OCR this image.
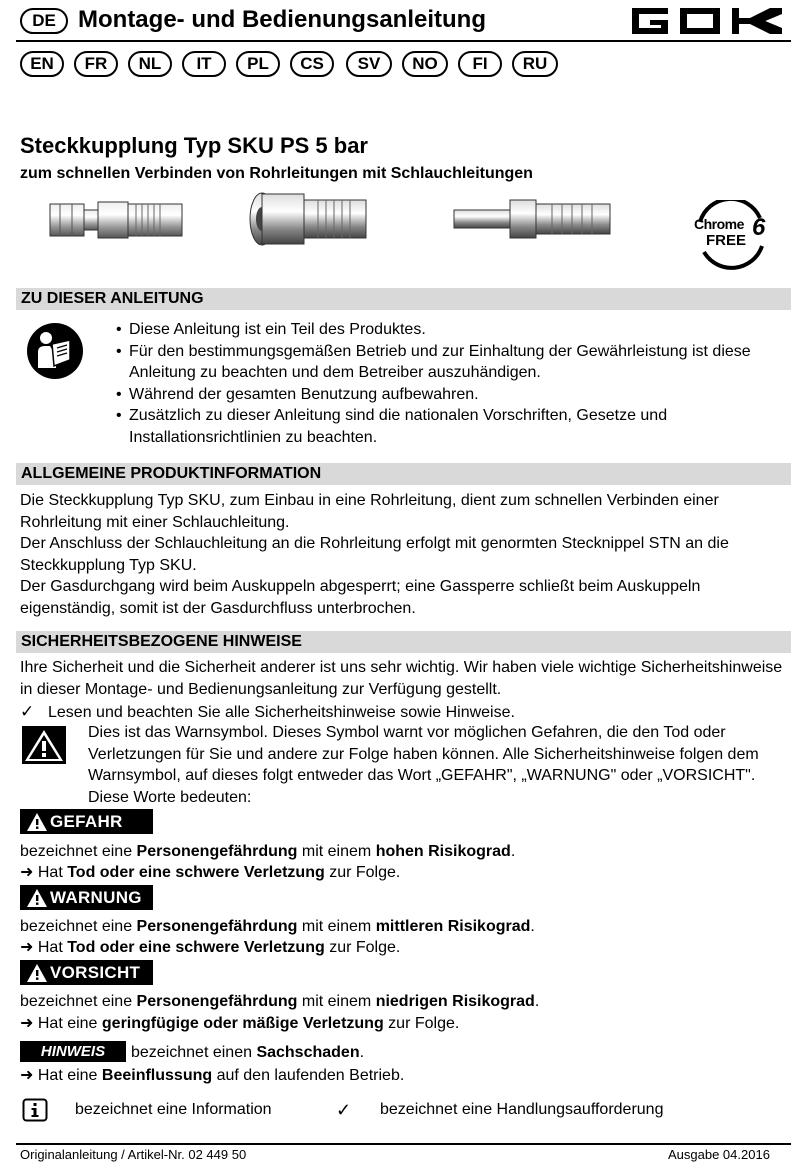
DE Montage- und Bedienungsanleitung
EN	FR	NL	IT	PL	CS	SV	NO	FI	RU
Steckkupplung Typ SKU PS 5 bar
zum schnellen Verbinden von Rohrleitungen mit Schlauchleitungen
Chrome 6
FREE
ZU DIESER ANLEITUNG
• Diese Anleitung ist ein Teil des Produktes.
• Für den bestimmungsgemäßen Betrieb und zur Einhaltung der Gewährleistung ist diese Anleitung zu beachten und dem Betreiber auszuhändigen.
• Während der gesamten Benutzung aufbewahren.
• Zusätzlich zu dieser Anleitung sind die nationalen Vorschriften, Gesetze und Installationsrichtlinien zu beachten.
ALLGEMEINE PRODUKTINFORMATION

Die Steckkupplung Typ SKU, zum Einbau in eine Rohrleitung, dient zum schnellen Verbinden einer Rohrleitung mit einer Schlauchleitung.

Der Anschluss der Schlauchleitung an die Rohrleitung erfolgt mit genormten Stecknippel STN an die Steckkupplung Typ SKU.

Der Gasdurchgang wird beim Auskuppeln abgesperrt; eine Gassperre schließt beim Auskuppeln eigenständig, somit ist der Gasdurchfluss unterbrochen.

SICHERHEITSBEZOGENE HINWEISE

Ihre Sicherheit und die Sicherheit anderer ist uns sehr wichtig. Wir haben viele wichtige Sicherheitshinweise in dieser Montage- und Bedienungsanleitung zur Verfügung gestellt.

✓ Lesen und beachten Sie alle Sicherheitshinweise sowie Hinweise.
Dies ist das Warnsymbol. Dieses Symbol warnt vor möglichen Gefahren, die den Tod oder Verletzungen für Sie und andere zur Folge haben können. Alle Sicherheitshinweise folgen dem Warnsymbol, auf dieses folgt entweder das Wort „GEFAHR", „WARNUNG" oder „VORSICHT". Diese Worte bedeuten:
GEFAHR
bezeichnet eine Personengefährdung mit einem hohen Risikograd.
➜ Hat Tod oder eine schwere Verletzung zur Folge.
WARNUNG
bezeichnet eine Personengefährdung mit einem mittleren Risikograd.
➜ Hat Tod oder eine schwere Verletzung zur Folge.
VORSICHT
bezeichnet eine Personengefährdung mit einem niedrigen Risikograd.
➜ Hat eine geringfügige oder mäßige Verletzung zur Folge.
HINWEIS	bezeichnet einen Sachschaden.
➜ Hat eine Beeinflussung auf den laufenden Betrieb.
bezeichnet eine Information	✓ bezeichnet eine Handlungsaufforderung
Originalanleitung / Artikel-Nr. 02 449 50	Ausgabe 04.2016
